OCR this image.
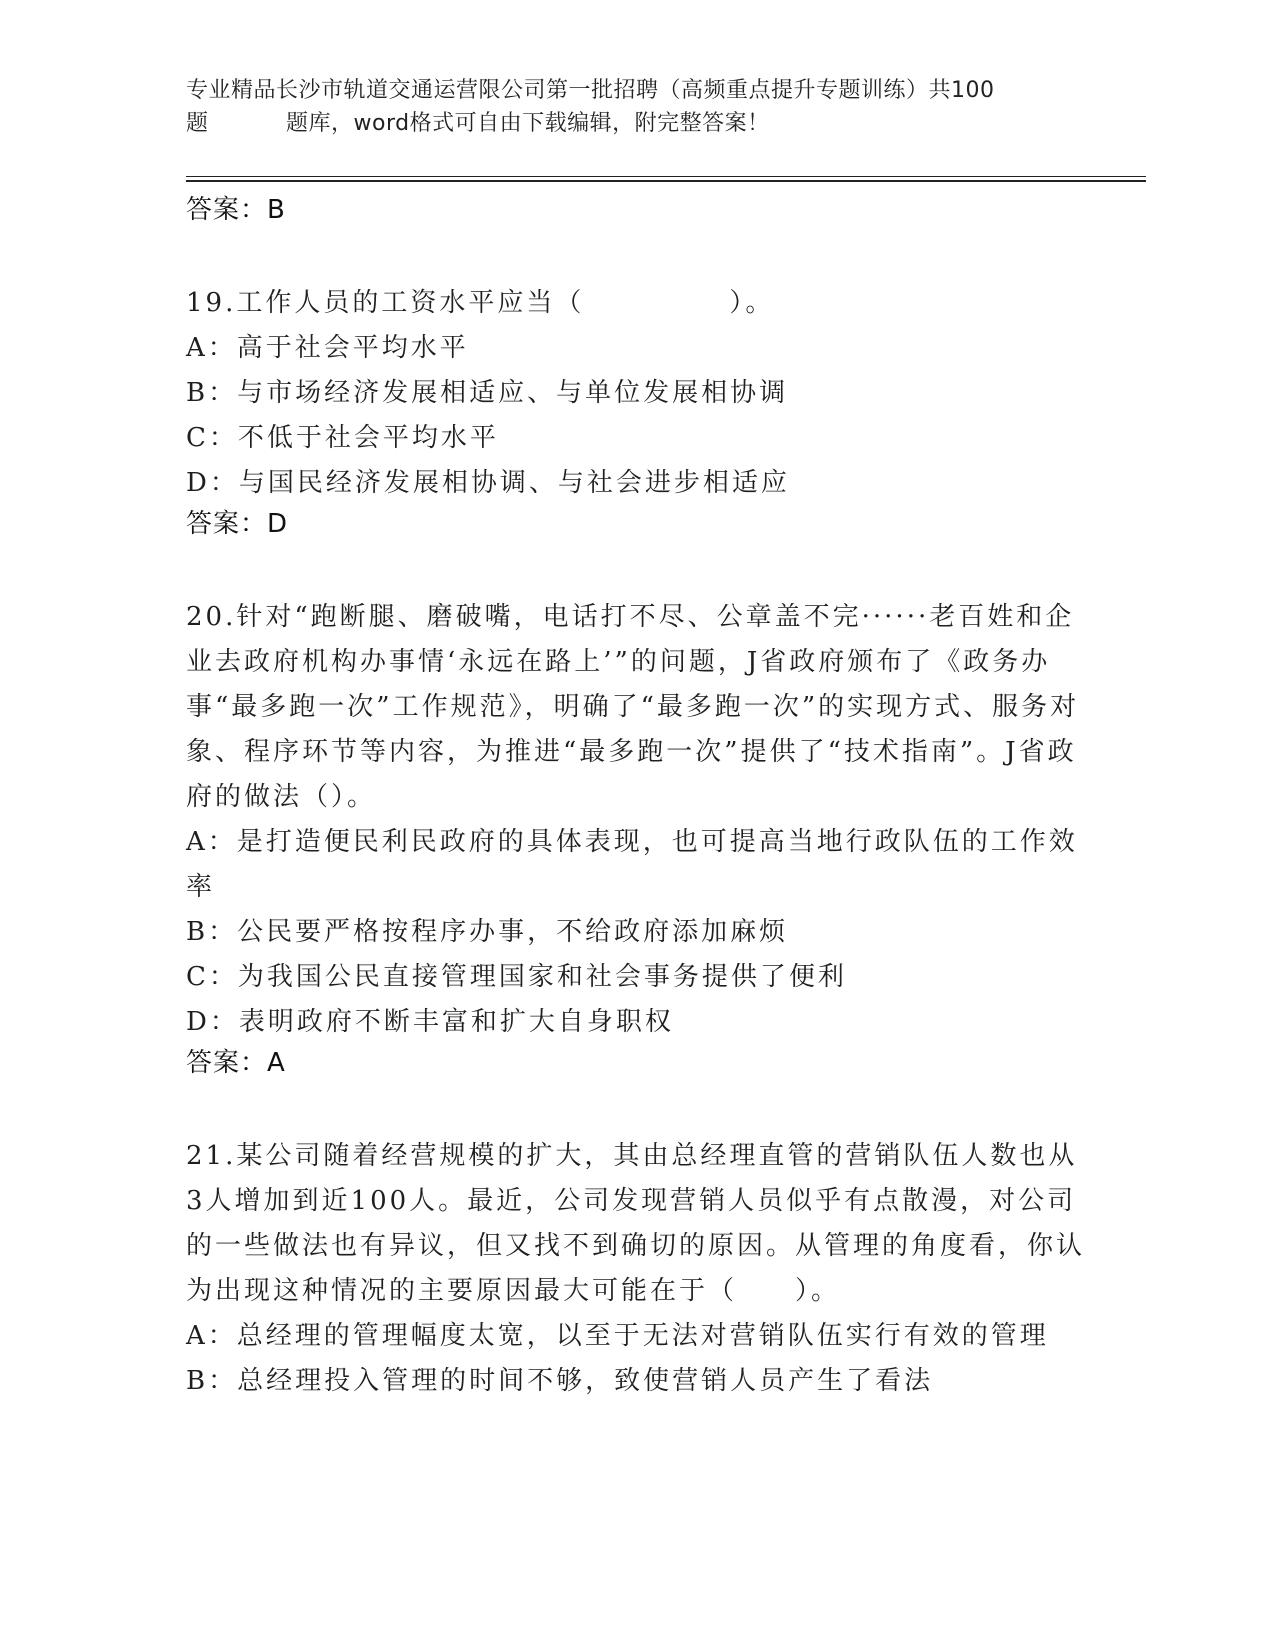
专业精品长沙市轨道交通运营限公司第一批招聘（高频重点提升专题训练）共100
题	题库，word格式可自由下载编辑，附完整答案！
答案：B
19.工作人员的工资水平应当（　　　　　）。
A：高于社会平均水平
B：与市场经济发展相适应、与单位发展相协调
C：不低于社会平均水平
D：与国民经济发展相协调、与社会进步相适应
答案：D
20.针对“跑断腿、磨破嘴，电话打不尽、公章盖不完······老百姓和企业去政府机构办事情‘永远在路上’”的问题，J省政府颁布了《政务办事“最多跑一次”工作规范》，明确了“最多跑一次”的实现方式、服务对象、程序环节等内容，为推进“最多跑一次”提供了“技术指南”。J省政府的做法（）。
A：是打造便民利民政府的具体表现，也可提高当地行政队伍的工作效率
B：公民要严格按程序办事，不给政府添加麻烦
C：为我国公民直接管理国家和社会事务提供了便利
D：表明政府不断丰富和扩大自身职权
答案：A
21.某公司随着经营规模的扩大，其由总经理直管的营销队伍人数也从3人增加到近100人。最近，公司发现营销人员似乎有点散漫，对公司的一些做法也有异议，但又找不到确切的原因。从管理的角度看，你认为出现这种情况的主要原因最大可能在于（　　）。
A：总经理的管理幅度太宽，以至于无法对营销队伍实行有效的管理
B：总经理投入管理的时间不够，致使营销人员产生了看法
